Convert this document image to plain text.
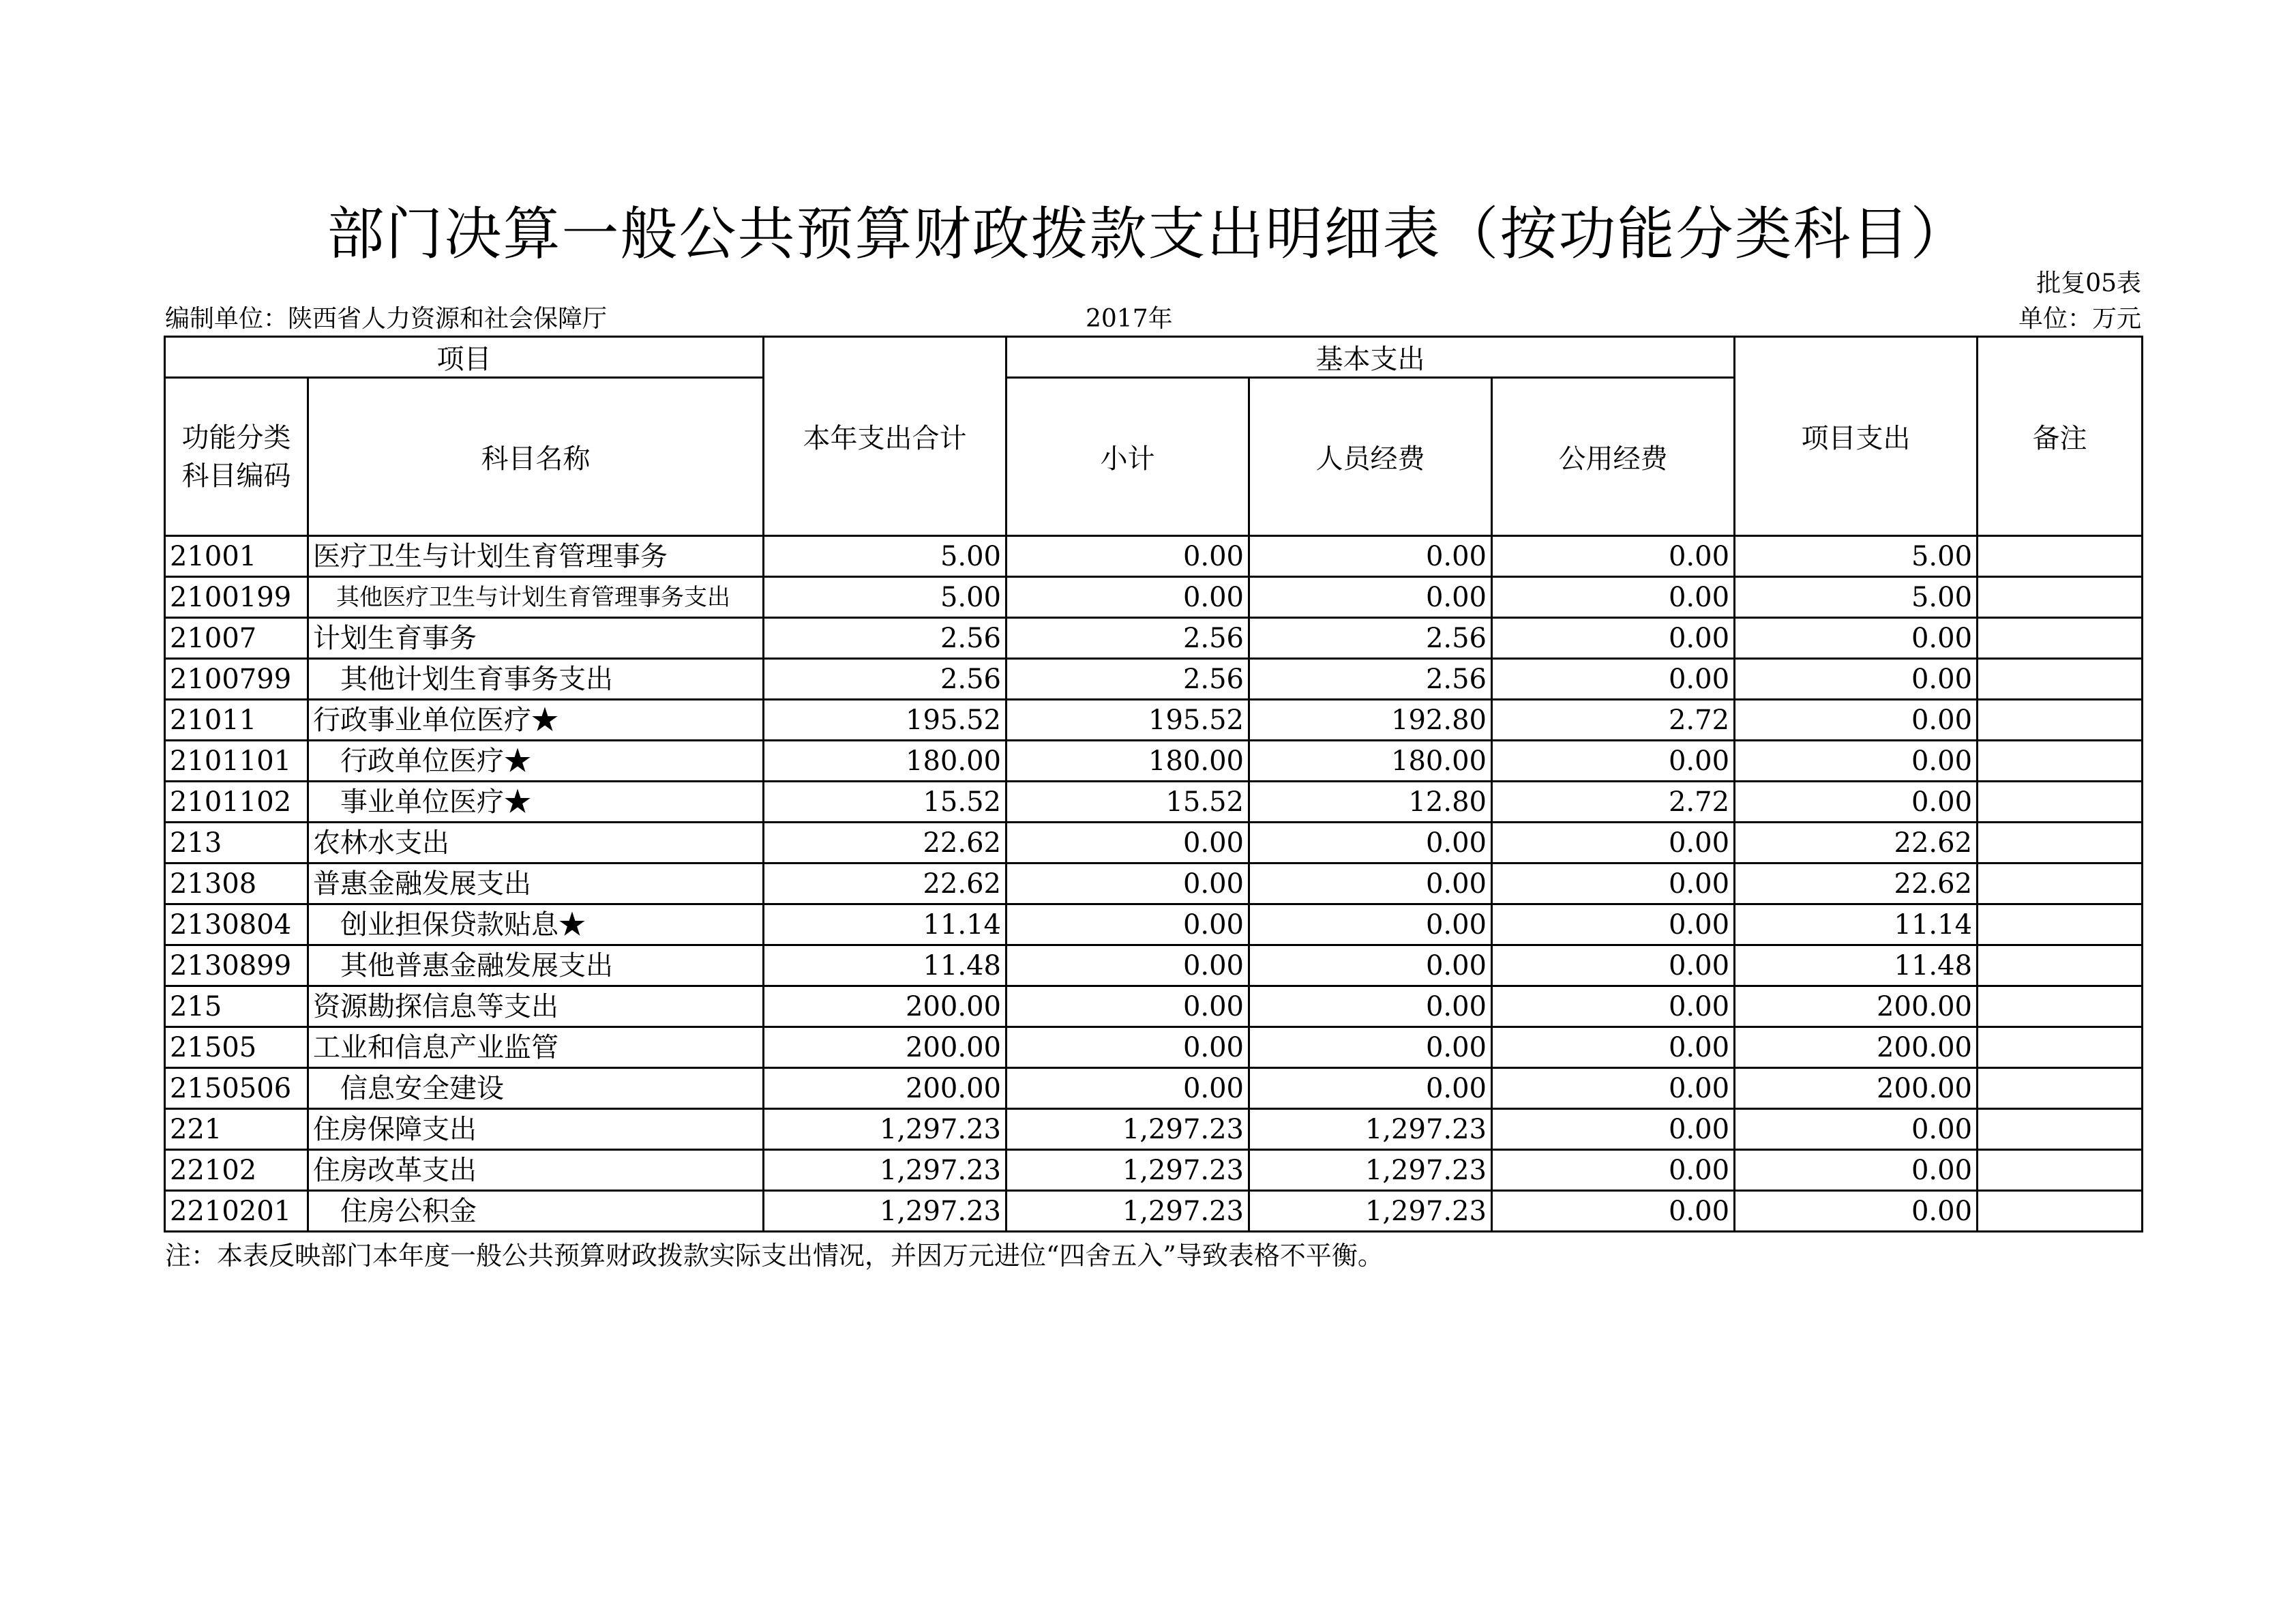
部门决算一般公共预算财政拨款支出明细表（按功能分类科目）
批复05表
编制单位：陕西省人力资源和社会保障厅	2017年	单位：万元
项目		本年支出合计	基本支出			项目支出	备注
功能分类科目编码	科目名称		小计	人员经费	公用经费		
21001	医疗卫生与计划生育管理事务	5.00	0.00	0.00	0.00	5.00	
2100199	其他医疗卫生与计划生育管理事务支出	5.00	0.00	0.00	0.00	5.00	
21007	计划生育事务	2.56	2.56	2.56	0.00	0.00	
2100799	其他计划生育事务支出	2.56	2.56	2.56	0.00	0.00	
21011	行政事业单位医疗★	195.52	195.52	192.80	2.72	0.00	
2101101	行政单位医疗★	180.00	180.00	180.00	0.00	0.00	
2101102	事业单位医疗★	15.52	15.52	12.80	2.72	0.00	
213	农林水支出	22.62	0.00	0.00	0.00	22.62	
21308	普惠金融发展支出	22.62	0.00	0.00	0.00	22.62	
2130804	创业担保贷款贴息★	11.14	0.00	0.00	0.00	11.14	
2130899	其他普惠金融发展支出	11.48	0.00	0.00	0.00	11.48	
215	资源勘探信息等支出	200.00	0.00	0.00	0.00	200.00	
21505	工业和信息产业监管	200.00	0.00	0.00	0.00	200.00	
2150506	信息安全建设	200.00	0.00	0.00	0.00	200.00	
221	住房保障支出	1,297.23	1,297.23	1,297.23	0.00	0.00	
22102	住房改革支出	1,297.23	1,297.23	1,297.23	0.00	0.00	
2210201	住房公积金	1,297.23	1,297.23	1,297.23	0.00	0.00	
注：本表反映部门本年度一般公共预算财政拨款实际支出情况，并因万元进位“四舍五入”导致表格不平衡。
